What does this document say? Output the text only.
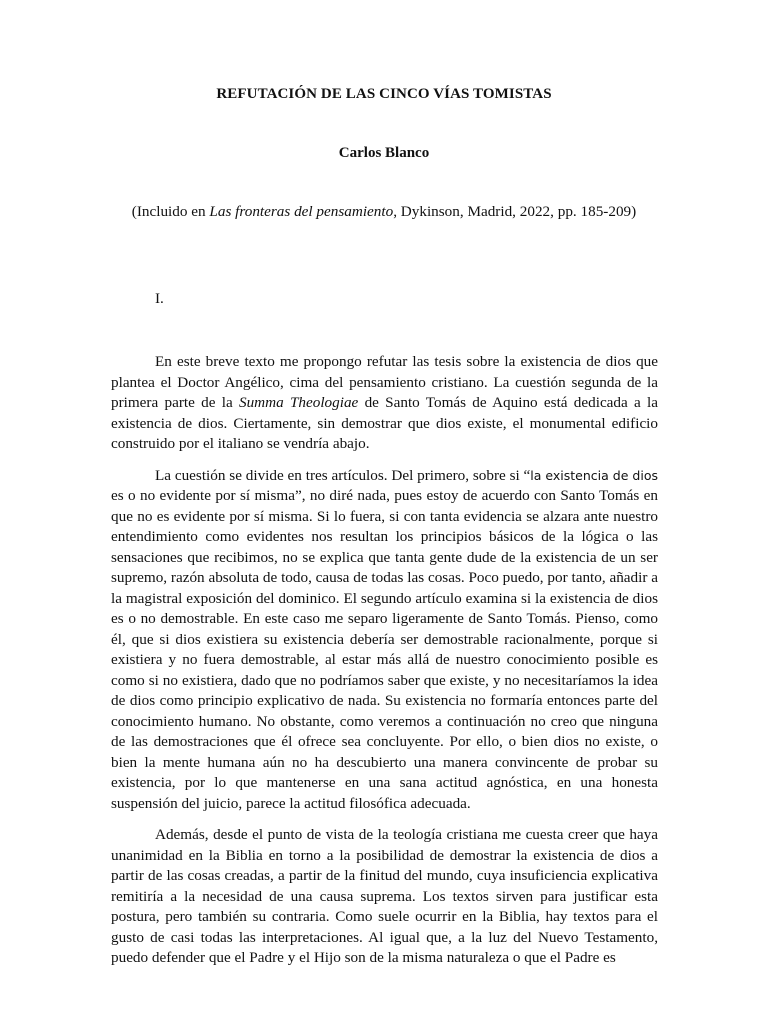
REFUTACIÓN DE LAS CINCO VÍAS TOMISTAS
Carlos Blanco
(Incluido en Las fronteras del pensamiento, Dykinson, Madrid, 2022, pp. 185-209)
I.

En este breve texto me propongo refutar las tesis sobre la existencia de dios que plantea el Doctor Angélico, cima del pensamiento cristiano. La cuestión segunda de la primera parte de la Summa Theologiae de Santo Tomás de Aquino está dedicada a la existencia de dios. Ciertamente, sin demostrar que dios existe, el monumental edificio construido por el italiano se vendría abajo.

La cuestión se divide en tres artículos. Del primero, sobre si “la existencia de dios es o no evidente por sí misma”, no diré nada, pues estoy de acuerdo con Santo Tomás en que no es evidente por sí misma. Si lo fuera, si con tanta evidencia se alzara ante nuestro entendimiento como evidentes nos resultan los principios básicos de la lógica o las sensaciones que recibimos, no se explica que tanta gente dude de la existencia de un ser supremo, razón absoluta de todo, causa de todas las cosas. Poco puedo, por tanto, añadir a la magistral exposición del dominico. El segundo artículo examina si la existencia de dios es o no demostrable. En este caso me separo ligeramente de Santo Tomás. Pienso, como él, que si dios existiera su existencia debería ser demostrable racionalmente, porque si existiera y no fuera demostrable, al estar más allá de nuestro conocimiento posible es como si no existiera, dado que no podríamos saber que existe, y no necesitaríamos la idea de dios como principio explicativo de nada. Su existencia no formaría entonces parte del conocimiento humano. No obstante, como veremos a continuación no creo que ninguna de las demostraciones que él ofrece sea concluyente. Por ello, o bien dios no existe, o bien la mente humana aún no ha descubierto una manera convincente de probar su existencia, por lo que mantenerse en una sana actitud agnóstica, en una honesta suspensión del juicio, parece la actitud filosófica adecuada.

Además, desde el punto de vista de la teología cristiana me cuesta creer que haya unanimidad en la Biblia en torno a la posibilidad de demostrar la existencia de dios a partir de las cosas creadas, a partir de la finitud del mundo, cuya insuficiencia explicativa remitiría a la necesidad de una causa suprema. Los textos sirven para justificar esta postura, pero también su contraria. Como suele ocurrir en la Biblia, hay textos para el gusto de casi todas las interpretaciones. Al igual que, a la luz del Nuevo Testamento, puedo defender que el Padre y el Hijo son de la misma naturaleza o que el Padre es
